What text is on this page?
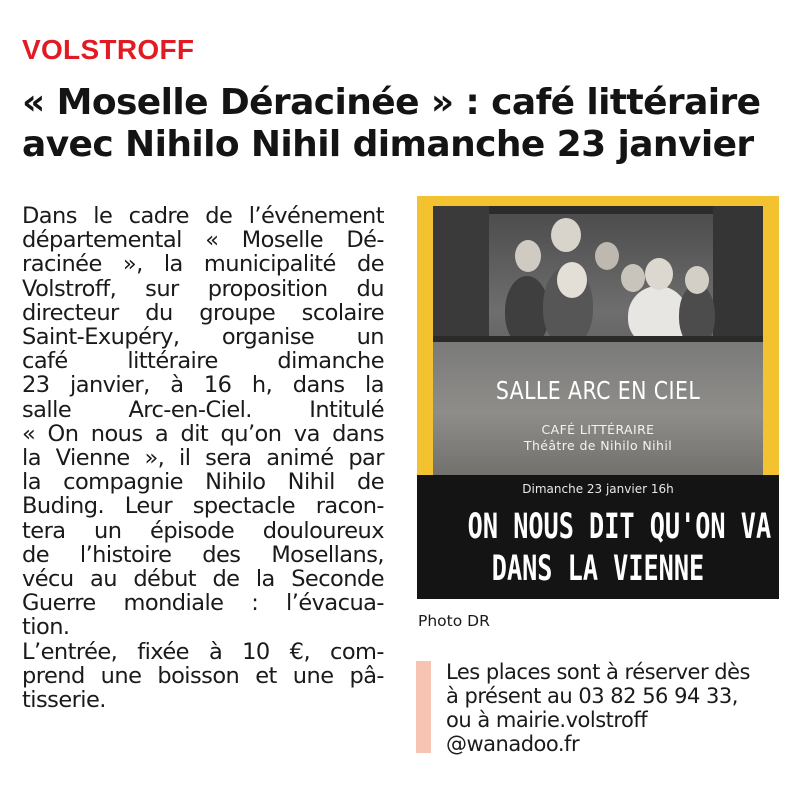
VOLSTROFF
« Moselle Déracinée » : café littéraire
avec Nihilo Nihil dimanche 23 janvier

Dans le cadre de l’événement
départemental « Moselle Dé-
racinée », la municipalité de
Volstroff, sur proposition du
directeur du groupe scolaire
Saint-Exupéry, organise un
café littéraire dimanche
23 janvier, à 16 h, dans la
salle Arc-en-Ciel. Intitulé
« On nous a dit qu’on va dans
la Vienne », il sera animé par
la compagnie Nihilo Nihil de
Buding. Leur spectacle racon-
tera un épisode douloureux
de l’histoire des Mosellans,
vécu au début de la Seconde
Guerre mondiale : l’évacua-
tion.
L’entrée, fixée à 10 €, com-
prend une boisson et une pâ-
tisserie.

SALLE ARC EN CIEL
CAFÉ LITTÉRAIRE
Théâtre de Nihilo Nihil
Dimanche 23 janvier 16h
ON NOUS DIT QU'ON VA
DANS LA VIENNE
Photo DR

Les places sont à réserver dès
à présent au 03 82 56 94 33,
ou à mairie.volstroff
@wanadoo.fr
